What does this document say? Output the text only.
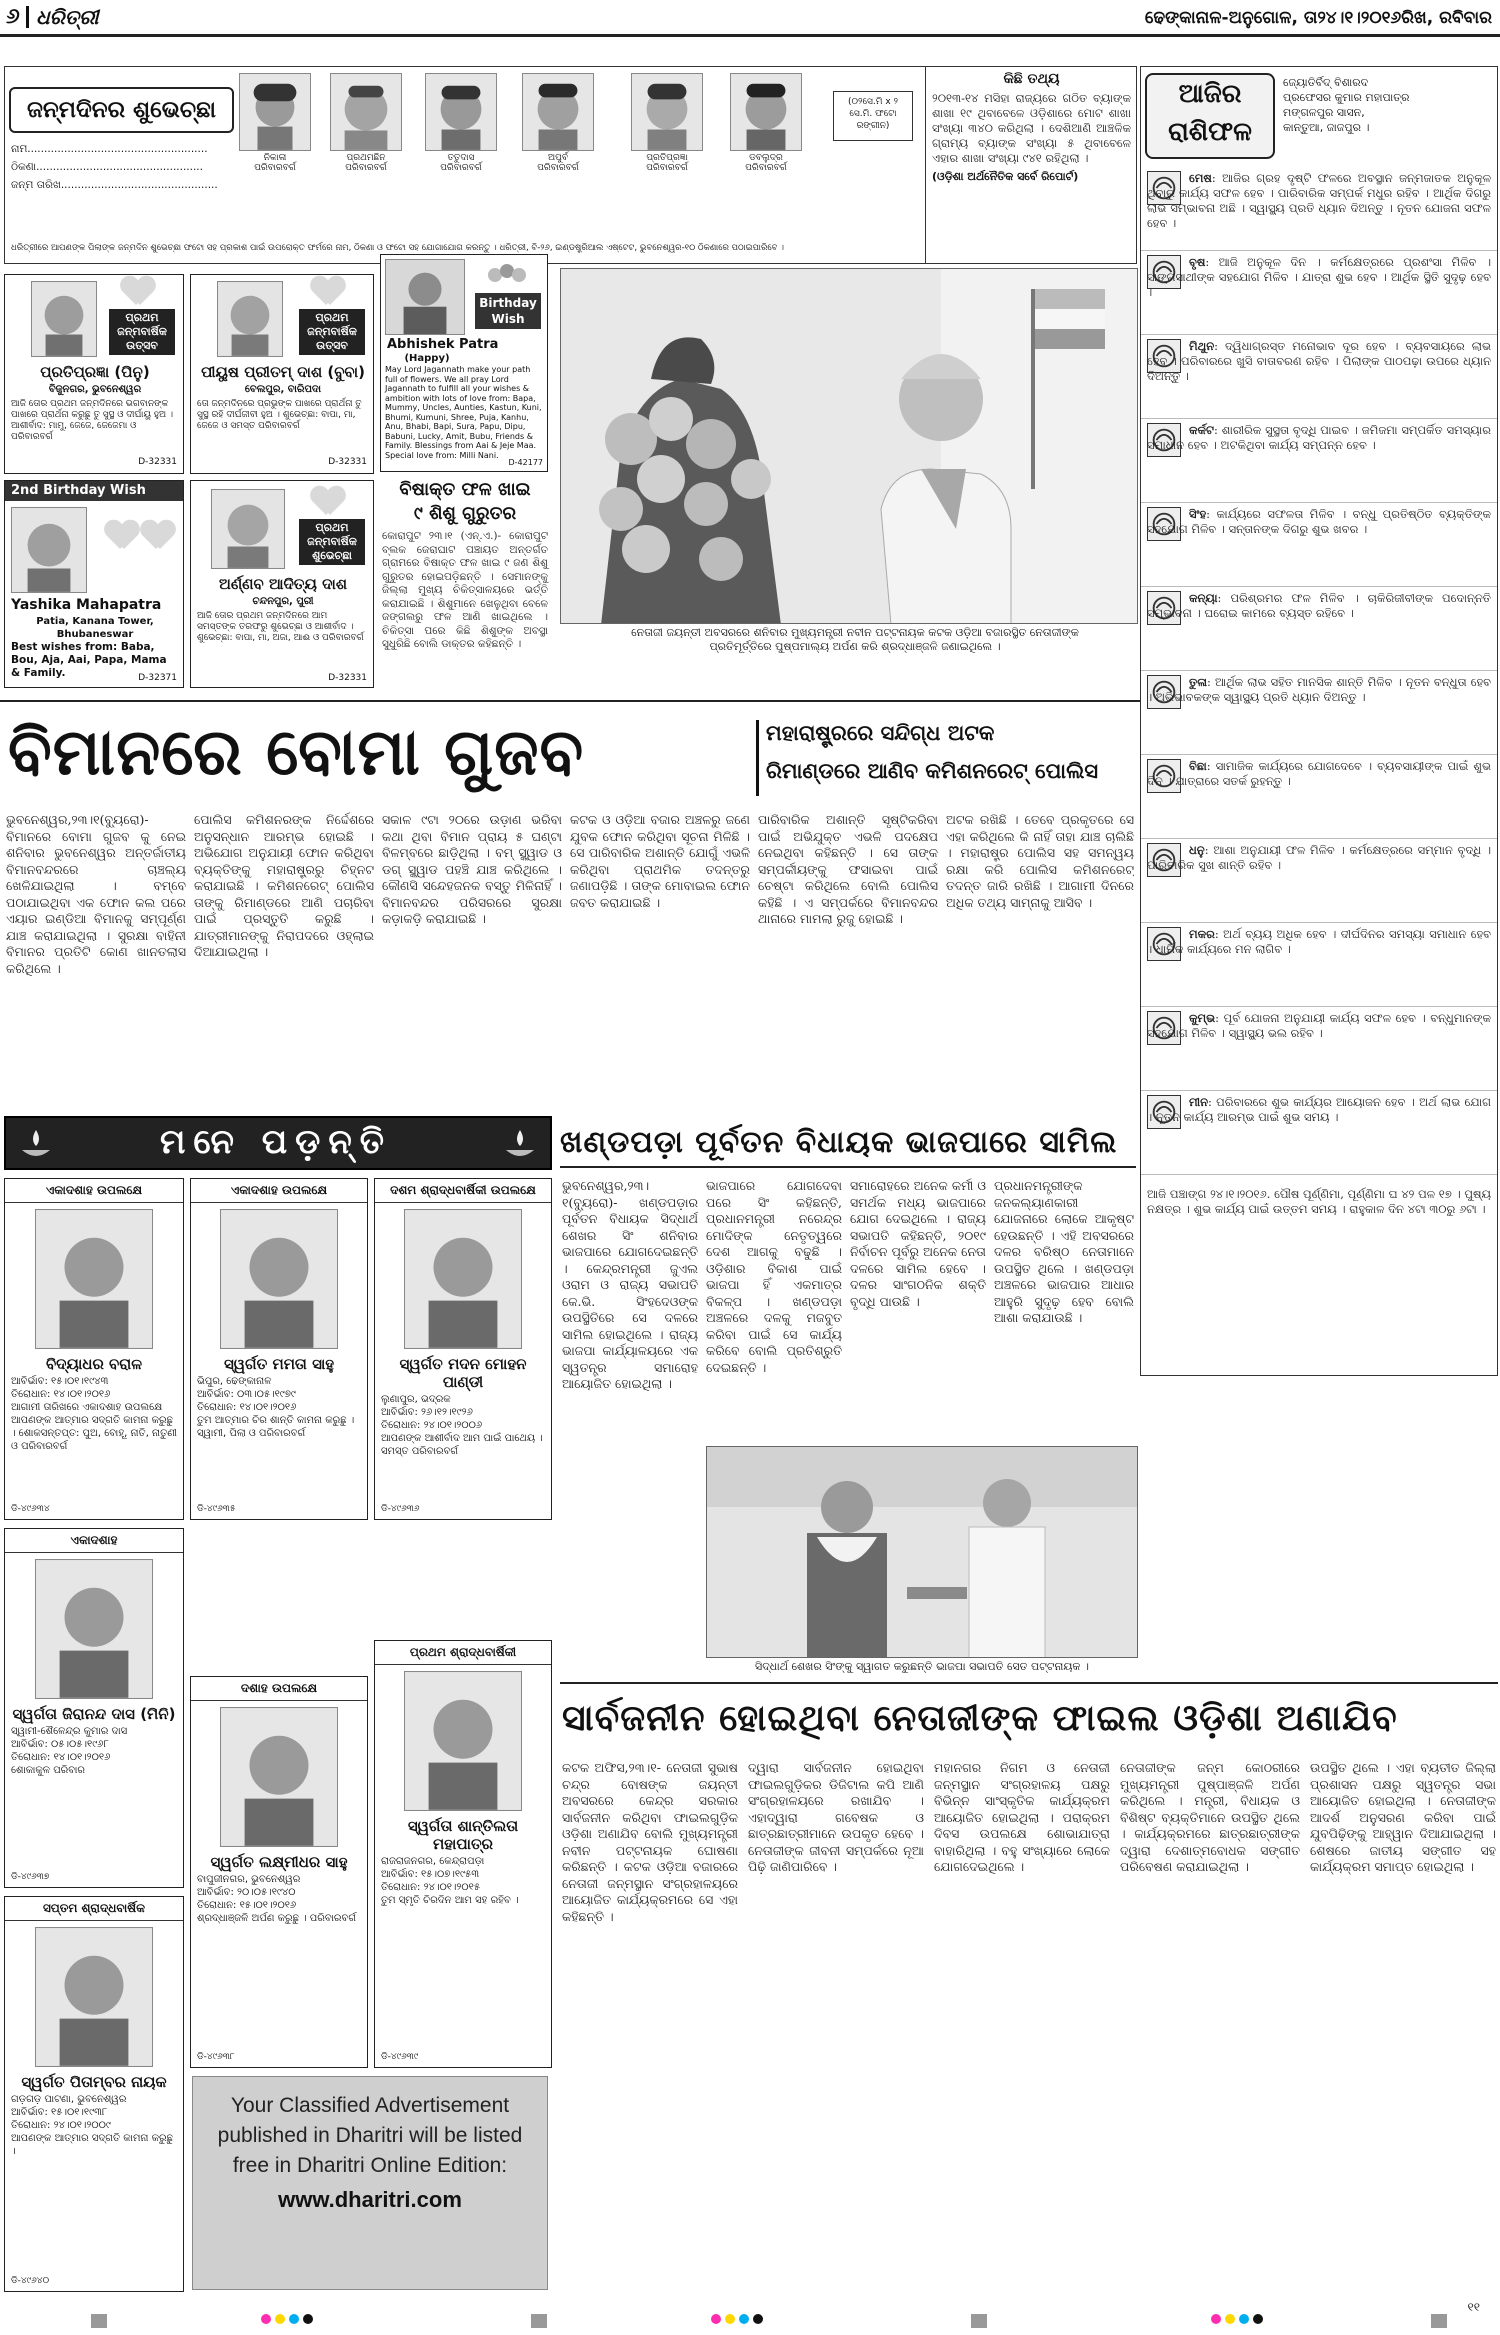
୬ ଧରିତ୍ରୀ	ଢେଙ୍କାନାଳ-ଅନୁଗୋଳ, ତା୨୪।୧।୨୦୧୬ରିଖ, ରବିବାର
ଜନ୍ମଦିନର ଶୁଭେଚ୍ଛା
ନାମ......................................................
ଠିକଣା..................................................
ଜନ୍ମ ତାରିଖ...............................................
ନିକାଳା
ପରିବାରବର୍ଗ
ପ୍ରଥମଛିନ
ପରିବାରବର୍ଗ
ତତୁଦାସ
ପରିବାରବର୍ଗ
ଅପୁର୍ବ
ପରିବାରବର୍ଗ
ପ୍ରତିପ୍ରଜ୍ଞା
ପରିବାରବର୍ଗ
ଡବଲୁଦ୍ର
ପରିବାରବର୍ଗ
(୦୨ସେ.ମି x ୨ ସେ.ମି. ଫଟୋ ରଙ୍ଗୀନ)
ଧରିତ୍ରୀରେ ଆପଣଙ୍କ ପିଲାଙ୍କ ଜନ୍ମଦିନ ଶୁଭେଚ୍ଛା ଫଟୋ ସହ ପ୍ରକାଶ ପାଇଁ ଉପରୋକ୍ତ ଫର୍ମରେ ନାମ, ଠିକଣା ଓ ଫଟୋ ସହ ଯୋଗାଯୋଗ କରନ୍ତୁ । ଧରିତ୍ରୀ, ବି-୨୬, ଇଣ୍ଡଷ୍ଟ୍ରିଆଲ ଏଷ୍ଟେଟ, ଭୁବନେଶ୍ୱର-୧୦ ଠିକଣାରେ ପଠାଇପାରିବେ ।
କିଛି ତଥ୍ୟ
୨୦୧୩-୧୪ ମସିହା ରାଜ୍ୟରେ ଗଠିତ ବ୍ୟାଙ୍କ ଶାଖା ୧୯ ଥିବାବେଳେ ଓଡ଼ିଶାରେ ମୋଟ ଶାଖା ସଂଖ୍ୟା ୩୪୦ କରିଥିଲା । ଦେଶିଆଣି ଆଞ୍ଚଳିକ ଗ୍ରାମ୍ୟ ବ୍ୟାଙ୍କ ସଂଖ୍ୟା ୫ ଥିବାବେଳେ ଏହାର ଶାଖା ସଂଖ୍ୟା ୯୪୧ ରହିଥିଲା ।
(ଓଡ଼ିଶା ଅର୍ଥନୈତିକ ସର୍ବେ ରିପୋର୍ଟ)
ଆଜିର
ରାଶିଫଳ
ଜ୍ୟୋତିର୍ବିଦ୍ ବିଶାରଦ
ପ୍ରଫେସର କୁମାର ମହାପାତ୍ର
ମଙ୍ଗଳପୁର ସାସନ,
କାନ୍ତୁଆ, ଜାଜପୁର ।
ମେଷ: ଆଜିର ଗ୍ରହ ଦୃଷ୍ଟି ଫଳରେ ଅବସ୍ଥାନ ଜନ୍ମଜାତକ ଅନୁକୂଳ ଥିବାରୁ କାର୍ଯ୍ୟ ସଫଳ ହେବ । ପାରିବାରିକ ସମ୍ପର୍କ ମଧୁର ରହିବ । ଆର୍ଥିକ ଦିଗରୁ ଲାଭ ସମ୍ଭାବନା ଅଛି । ସ୍ୱାସ୍ଥ୍ୟ ପ୍ରତି ଧ୍ୟାନ ଦିଅନ୍ତୁ । ନୂତନ ଯୋଜନା ସଫଳ ହେବ ।
ବୃଷ: ଆଜି ଅନୁକୂଳ ଦିନ । କର୍ମକ୍ଷେତ୍ରରେ ପ୍ରଶଂସା ମିଳିବ । ସାଙ୍ଗସାଥୀଙ୍କ ସହଯୋଗ ମିଳିବ । ଯାତ୍ରା ଶୁଭ ହେବ । ଆର୍ଥିକ ସ୍ଥିତି ସୁଦୃଢ଼ ହେବ ।
ମିଥୁନ: ଦ୍ୱିଧାଗ୍ରସ୍ତ ମନୋଭାବ ଦୂର ହେବ । ବ୍ୟବସାୟରେ ଲାଭ ହେବ । ପରିବାରରେ ଖୁସି ବାତାବରଣ ରହିବ । ପିଲାଙ୍କ ପାଠପଢ଼ା ଉପରେ ଧ୍ୟାନ ଦିଅନ୍ତୁ ।
କର୍କଟ: ଶାରୀରିକ ସୁସ୍ଥତା ବୃଦ୍ଧି ପାଇବ । ଜମିଜମା ସମ୍ପର୍କିତ ସମସ୍ୟାର ସମାଧାନ ହେବ । ଅଟକିଥିବା କାର୍ଯ୍ୟ ସମ୍ପନ୍ନ ହେବ ।
ସିଂହ: କାର୍ଯ୍ୟରେ ସଫଳତା ମିଳିବ । ବନ୍ଧୁ ପ୍ରତିଷ୍ଠିତ ବ୍ୟକ୍ତିଙ୍କ ସହଯୋଗ ମିଳିବ । ସନ୍ତାନଙ୍କ ଦିଗରୁ ଶୁଭ ଖବର ।
କନ୍ୟା: ପରିଶ୍ରମର ଫଳ ମିଳିବ । ଚାକିରିଜୀବୀଙ୍କ ପଦୋନ୍ନତି ସମ୍ଭାବନା । ଘରୋଇ କାମରେ ବ୍ୟସ୍ତ ରହିବେ ।
ତୁଳା: ଆର୍ଥିକ ଲାଭ ସହିତ ମାନସିକ ଶାନ୍ତି ମିଳିବ । ନୂତନ ବନ୍ଧୁତା ହେବ । ଅଭିଭାବକଙ୍କ ସ୍ୱାସ୍ଥ୍ୟ ପ୍ରତି ଧ୍ୟାନ ଦିଅନ୍ତୁ ।
ବିଛା: ସାମାଜିକ କାର୍ଯ୍ୟରେ ଯୋଗଦେବେ । ବ୍ୟବସାୟୀଙ୍କ ପାଇଁ ଶୁଭ ଦିନ । ଯାତ୍ରାରେ ସତର୍କ ରୁହନ୍ତୁ ।
ଧନୁ: ଆଶା ଅନୁଯାୟୀ ଫଳ ମିଳିବ । କର୍ମକ୍ଷେତ୍ରରେ ସମ୍ମାନ ବୃଦ୍ଧି । ପାରିବାରିକ ସୁଖ ଶାନ୍ତି ରହିବ ।
ମକର: ଅର୍ଥ ବ୍ୟୟ ଅଧିକ ହେବ । ଦୀର୍ଘଦିନର ସମସ୍ୟା ସମାଧାନ ହେବ । ଧାର୍ମିକ କାର୍ଯ୍ୟରେ ମନ ଲାଗିବ ।
କୁମ୍ଭ: ପୂର୍ବ ଯୋଜନା ଅନୁଯାୟୀ କାର୍ଯ୍ୟ ସଫଳ ହେବ । ବନ୍ଧୁମାନଙ୍କ ସହଯୋଗ ମିଳିବ । ସ୍ୱାସ୍ଥ୍ୟ ଭଲ ରହିବ ।
ମୀନ: ପରିବାରରେ ଶୁଭ କାର୍ଯ୍ୟର ଆୟୋଜନ ହେବ । ଅର୍ଥ ଲାଭ ଯୋଗ । ନୂତନ କାର୍ଯ୍ୟ ଆରମ୍ଭ ପାଇଁ ଶୁଭ ସମୟ ।
ଆଜି ପଞ୍ଚାଙ୍ଗ ୨୪।୧।୨୦୧୬. ପୌଷ ପୂର୍ଣ୍ଣିମା, ପୂର୍ଣ୍ଣିମା ଘ ୪୨ ପଳ ୧୭ । ପୁଷ୍ୟ ନକ୍ଷତ୍ର । ଶୁଭ କାର୍ଯ୍ୟ ପାଇଁ ଉତ୍ତମ ସମୟ । ରାହୁକାଳ ଦିନ ୪ଟା ୩୦ରୁ ୬ଟା ।
ପ୍ରଥମ
ଜନ୍ମବାର୍ଷିକ
ଉତ୍ସବ
ପ୍ରତିପ୍ରଜ୍ଞା (ପିନୁ)
ବିଜୁନଗର, ଭୁବନେଶ୍ୱର
ଆଜି ତୋର ପ୍ରଥମ ଜନ୍ମଦିନରେ ଭଗବାନଙ୍କ ପାଖରେ ପ୍ରାର୍ଥନା କରୁଛୁ ତୁ ସୁସ୍ଥ ଓ ଦୀର୍ଘାୟୁ ହୁଅ । ଆଶୀର୍ବାଦ: ମାମୁ, ଜେଜେ, ଜେଜେମା ଓ ପରିବାରବର୍ଗ
D-32331
ପ୍ରଥମ
ଜନ୍ମବାର୍ଷିକ
ଉତ୍ସବ
ପୀୟୁଷ ପ୍ରୀତମ୍ ଦାଶ (ବୁବା)
ବେଲପୁର, ବାରିପଦା
ତୋ ଜନ୍ମଦିନରେ ପ୍ରଭୁଙ୍କ ପାଖରେ ପ୍ରାର୍ଥନା ତୁ ସୁସ୍ଥ ରହି ଦୀର୍ଘଜୀବୀ ହୁଅ । ଶୁଭେଚ୍ଛା: ବାପା, ମା, ଜେଜେ ଓ ସମସ୍ତ ପରିବାରବର୍ଗ
D-32331
Birthday
Wish
Abhishek Patra
(Happy)
May Lord Jagannath make your path full of flowers. We all pray Lord Jagannath to fulfill all your wishes & ambition with lots of love from: Bapa, Mummy, Uncles, Aunties, Kastun, Kuni, Bhumi, Kumuni, Shree, Puja, Kanhu, Anu, Bhabi, Bapi, Sura, Papu, Dipu, Babuni, Lucky, Amit, Bubu, Friends & Family. Blessings from Aai & Jeje Maa. Special love from: Milli Nani.
D-42177
2nd Birthday Wish
Yashika Mahapatra
Patia, Kanana Tower, Bhubaneswar
Best wishes from: Baba, Bou, Aja, Aai, Papa, Mama & Family.	D-32371
ପ୍ରଥମ
ଜନ୍ମବାର୍ଷିକ
ଶୁଭେଚ୍ଛା
ଅର୍ଣ୍ଣବ ଆଦିତ୍ୟ ଦାଶ
ଚନ୍ଦନପୁର, ପୁରୀ
ଆଜି ତୋର ପ୍ରଥମ ଜନ୍ମଦିନରେ ଆମ ସମସ୍ତଙ୍କ ତରଫରୁ ଶୁଭେଚ୍ଛା ଓ ଆଶୀର୍ବାଦ । ଶୁଭେଚ୍ଛା: ବାପା, ମା, ଅଜା, ଆଈ ଓ ପରିବାରବର୍ଗ
D-32331
ବିଷାକ୍ତ ଫଳ ଖାଇ
୯ ଶିଶୁ ଗୁରୁତର
କୋରାପୁଟ ୨୩।୧ (ଏନ୍.ଏ.)- କୋରାପୁଟ ବ୍ଲକ ଜେରାଘାଟ ପଞ୍ଚାୟତ ଅନ୍ତର୍ଗତ ଗ୍ରାମରେ ବିଷାକ୍ତ ଫଳ ଖାଇ ୯ ଜଣ ଶିଶୁ ଗୁରୁତର ହୋଇପଡ଼ିଛନ୍ତି । ସେମାନଙ୍କୁ ଜିଲ୍ଲା ମୁଖ୍ୟ ଚିକିତ୍ସାଳୟରେ ଭର୍ତ୍ତି କରାଯାଇଛି । ଶିଶୁମାନେ ଖେଳୁଥିବା ବେଳେ ଜଙ୍ଗଲରୁ ଫଳ ଆଣି ଖାଇଥିଲେ । ଚିକିତ୍ସା ପରେ କିଛି ଶିଶୁଙ୍କ ଅବସ୍ଥା ସୁଧୁରିଛି ବୋଲି ଡାକ୍ତର କହିଛନ୍ତି ।
ନେତାଜୀ ଜୟନ୍ତୀ ଅବସରରେ ଶନିବାର ମୁଖ୍ୟମନ୍ତ୍ରୀ ନବୀନ ପଟ୍ଟନାୟକ କଟକ ଓଡ଼ିଆ ବଜାରସ୍ଥିତ ନେତାଜୀଙ୍କ ପ୍ରତିମୂର୍ତ୍ତିରେ ପୁଷ୍ପମାଲ୍ୟ ଅର୍ପଣ କରି ଶ୍ରଦ୍ଧାଞ୍ଜଳି ଜଣାଇଥିଲେ ।
ବିମାନରେ ବୋମା ଗୁଜବ	ମହାରାଷ୍ଟ୍ରରେ ସନ୍ଦିଗ୍ଧ ଅଟକ
ରିମାଣ୍ଡରେ ଆଣିବ କମିଶନରେଟ୍ ପୋଲିସ
ଭୁବନେଶ୍ୱର,୨୩।୧(ବ୍ୟୁରୋ)- ବିମାନରେ ବୋମା ଗୁଜବ କୁ ନେଇ ଶନିବାର ଭୁବନେଶ୍ୱର ଅନ୍ତର୍ଜାତୀୟ ବିମାନବନ୍ଦରରେ ଚାଞ୍ଚଲ୍ୟ ଖେଳିଯାଇଥିଲା । ବମ୍ବେ ପଠାଯାଇଥିବା ଏକ ଫୋନ କଲ ପରେ ଏୟାର ଇଣ୍ଡିଆ ବିମାନକୁ ସମ୍ପୂର୍ଣ୍ଣ ଯାଞ୍ଚ କରାଯାଇଥିଲା । ସୁରକ୍ଷା ବାହିନୀ ବିମାନର ପ୍ରତିଟି କୋଣ ଖାନତଲାସ କରିଥିଲେ ।
ପୋଲିସ କମିଶନରଙ୍କ ନିର୍ଦ୍ଦେଶରେ ଅନୁସନ୍ଧାନ ଆରମ୍ଭ ହୋଇଛି । ଅଭିଯୋଗ ଅନୁଯାୟୀ ଫୋନ କରିଥିବା ବ୍ୟକ୍ତିଙ୍କୁ ମହାରାଷ୍ଟ୍ରରୁ ଚିହ୍ନଟ କରାଯାଇଛି । କମିଶନରେଟ୍ ପୋଲିସ ତାଙ୍କୁ ରିମାଣ୍ଡରେ ଆଣି ପଚାରିବା ପାଇଁ ପ୍ରସ୍ତୁତି କରୁଛି । ଯାତ୍ରୀମାନଙ୍କୁ ନିରାପଦରେ ଓହ୍ଲାଇ ଦିଆଯାଇଥିଲା ।
ସକାଳ ୯ଟା ୨୦ରେ ଉଡ଼ାଣ ଭରିବା କଥା ଥିବା ବିମାନ ପ୍ରାୟ ୫ ଘଣ୍ଟା ବିଳମ୍ବରେ ଛାଡ଼ିଥିଲା । ବମ୍ ସ୍କ୍ୱାଡ ଓ ଡଗ୍ ସ୍କ୍ୱାଡ ପହଞ୍ଚି ଯାଞ୍ଚ କରିଥିଲେ । କୌଣସି ସନ୍ଦେହଜନକ ବସ୍ତୁ ମିଳିନାହିଁ । ବିମାନବନ୍ଦର ପରିସରରେ ସୁରକ୍ଷା କଡ଼ାକଡ଼ି କରାଯାଇଛି ।
କଟକ ଓ ଓଡ଼ିଆ ବଜାର ଅଞ୍ଚଳରୁ ଜଣେ ଯୁବକ ଫୋନ କରିଥିବା ସୂଚନା ମିଳିଛି । ସେ ପାରିବାରିକ ଅଶାନ୍ତି ଯୋଗୁଁ ଏଭଳି କରିଥିବା ପ୍ରାଥମିକ ତଦନ୍ତରୁ ଜଣାପଡ଼ିଛି । ତାଙ୍କ ମୋବାଇଲ ଫୋନ ଜବତ କରାଯାଇଛି ।
ପାରିବାରିକ ଅଶାନ୍ତି ସୃଷ୍ଟିକରିବା ପାଇଁ ଅଭିଯୁକ୍ତ ଏଭଳି ପଦକ୍ଷେପ ନେଇଥିବା କହିଛନ୍ତି । ସେ ତାଙ୍କ ସମ୍ପର୍କୀୟଙ୍କୁ ଫସାଇବା ପାଇଁ ଚେଷ୍ଟା କରିଥିଲେ ବୋଲି ପୋଲିସ କହିଛି । ଏ ସମ୍ପର୍କରେ ବିମାନବନ୍ଦର ଥାନାରେ ମାମଲା ରୁଜୁ ହୋଇଛି ।
ଅଟକ ରଖିଛି । ତେବେ ପ୍ରକୃତରେ ସେ ଏହା କରିଥିଲେ କି ନାହିଁ ତାହା ଯାଞ୍ଚ ଚାଲିଛି । ମହାରାଷ୍ଟ୍ର ପୋଲିସ ସହ ସମନ୍ୱୟ ରକ୍ଷା କରି ପୋଲିସ କମିଶନରେଟ୍ ତଦନ୍ତ ଜାରି ରଖିଛି । ଆଗାମୀ ଦିନରେ ଅଧିକ ତଥ୍ୟ ସାମ୍ନାକୁ ଆସିବ ।
ମନେ ପଡ଼ନ୍ତି
ଏକାଦଶାହ ଉପଲକ୍ଷେ
ବିଦ୍ୟାଧର ବରାଳ
ଆବିର୍ଭାବ: ୧୫।୦୧।୧୯୪୩
ତିରୋଧାନ: ୧୪।୦୧।୨୦୧୬
ଆଗାମୀ ତାରିଖରେ ଏକାଦଶାହ ଉପଲକ୍ଷେ ଆପଣଙ୍କ ଆତ୍ମାର ସଦ୍ଗତି କାମନା କରୁଛୁ । ଶୋକସନ୍ତପ୍ତ: ପୁଅ, ବୋହୂ, ନାତି, ନାତୁଣୀ ଓ ପରିବାରବର୍ଗ
ଡି-୪୯୬୩୪
ଏକାଦଶାହ ଉପଲକ୍ଷେ
ସ୍ୱର୍ଗତ ମମତା ସାହୁ
ଭିପୁର, ଢେଙ୍କାନାଳ
ଆବିର୍ଭାବ: ୦୩।୦୫।୧୯୭୯
ତିରୋଧାନ: ୧୪।୦୧।୨୦୧୬
ତୁମ ଆତ୍ମାର ଚିର ଶାନ୍ତି କାମନା କରୁଛୁ । ସ୍ୱାମୀ, ପିଲା ଓ ପରିବାରବର୍ଗ
ଡି-୪୯୬୩୫
ଦଶମ ଶ୍ରାଦ୍ଧବାର୍ଷିକୀ ଉପଲକ୍ଷେ
ସ୍ୱର୍ଗତ ମଦନ ମୋହନ ପାଣ୍ଡୀ
ଲୁଣାପୁର, ଭଦ୍ରକ
ଆବିର୍ଭାବ: ୨୬।୧୨।୧୯୨୬
ତିରୋଧାନ: ୨୪।୦୧।୨୦୦୬
ଆପଣଙ୍କ ଆଶୀର୍ବାଦ ଆମ ପାଇଁ ପାଥେୟ । ସମସ୍ତ ପରିବାରବର୍ଗ
ଡି-୪୯୬୩୬
ଏକାଦଶାହ
ସ୍ୱର୍ଗତା ଜିରାନନ୍ଦ ଦାସ (ମିନି)
ସ୍ୱାମୀ-ଶୈଳେନ୍ଦ୍ର କୁମାର ଦାସ
ଆବିର୍ଭାବ: ୦୫।୦୫।୧୯୬୮
ତିରୋଧାନ: ୧୪।୦୧।୨୦୧୬
ଶୋକାକୁଳ ପରିବାର
ଡି-୪୯୬୩୭
ଦଶାହ ଉପଲକ୍ଷେ
ସ୍ୱର୍ଗତ ଲକ୍ଷ୍ମୀଧର ସାହୁ
ବାପୁଜୀନଗର, ଭୁବନେଶ୍ୱର
ଆବିର୍ଭାବ: ୨୦।୦୫।୧୯୪୦
ତିରୋଧାନ: ୧୫।୦୧।୨୦୧୬
ଶ୍ରଦ୍ଧାଞ୍ଜଳି ଅର୍ପଣ କରୁଛୁ । ପରିବାରବର୍ଗ
ଡି-୪୯୬୩୮
ପ୍ରଥମ ଶ୍ରାଦ୍ଧବାର୍ଷିକୀ
ସ୍ୱର୍ଗତା ଶାନ୍ତିଲତା ମହାପାତ୍ର
ରାଜରାଜନଗର, କେନ୍ଦ୍ରାପଡ଼ା
ଆବିର୍ଭାବ: ୧୫।୦୭।୧୯୫୩
ତିରୋଧାନ: ୨୪।୦୧।୨୦୧୫
ତୁମ ସ୍ମୃତି ଚିରଦିନ ଆମ ସହ ରହିବ ।
ଡି-୪୯୬୩୯
ସପ୍ତମ ଶ୍ରାଦ୍ଧବାର୍ଷିକ
ସ୍ୱର୍ଗତ ପିତାମ୍ବର ନାୟକ
ଗଡ଼ଗଡ଼ ପାଟଣା, ଭୁବନେଶ୍ୱର
ଆବିର୍ଭାବ: ୧୫।୦୧।୧୯୩୮
ତିରୋଧାନ: ୨୪।୦୧।୨୦୦୯
ଆପଣଙ୍କ ଆତ୍ମାର ସଦ୍ଗତି କାମନା କରୁଛୁ ।
ଡି-୪୯୬୪୦
Your Classified Advertisement published in Dharitri will be listed free in Dharitri Online Edition:
www.dharitri.com
ଖଣ୍ଡପଡ଼ା ପୂର୍ବତନ ବିଧାୟକ ଭାଜପାରେ ସାମିଲ
ଭୁବନେଶ୍ୱର,୨୩।୧(ବ୍ୟୁରୋ)- ଖଣ୍ଡପଡ଼ାର ପୂର୍ବତନ ବିଧାୟକ ସିଦ୍ଧାର୍ଥ ଶେଖର ସିଂ ଶନିବାର ଭାଜପାରେ ଯୋଗଦେଇଛନ୍ତି । କେନ୍ଦ୍ରମନ୍ତ୍ରୀ ଜୁଏଲ ଓରାମ ଓ ରାଜ୍ୟ ସଭାପତି କେ.ଭି. ସିଂହଦେଓଙ୍କ ଉପସ୍ଥିତିରେ ସେ ଦଳରେ ସାମିଲ ହୋଇଥିଲେ । ରାଜ୍ୟ ଭାଜପା କାର୍ଯ୍ୟାଳୟରେ ଏକ ସ୍ୱତନ୍ତ୍ର ସମାରୋହ ଆୟୋଜିତ ହୋଇଥିଲା ।
ଭାଜପାରେ ଯୋଗଦେବା ପରେ ସିଂ କହିଛନ୍ତି, ପ୍ରଧାନମନ୍ତ୍ରୀ ନରେନ୍ଦ୍ର ମୋଦିଙ୍କ ନେତୃତ୍ୱରେ ଦେଶ ଆଗକୁ ବଢୁଛି । ଓଡ଼ିଶାର ବିକାଶ ପାଇଁ ଭାଜପା ହିଁ ଏକମାତ୍ର ବିକଳ୍ପ । ଖଣ୍ଡପଡ଼ା ଅଞ୍ଚଳରେ ଦଳକୁ ମଜବୁତ କରିବା ପାଇଁ ସେ କାର୍ଯ୍ୟ କରିବେ ବୋଲି ପ୍ରତିଶ୍ରୁତି ଦେଇଛନ୍ତି ।
ସମାରୋହରେ ଅନେକ କର୍ମୀ ଓ ସମର୍ଥକ ମଧ୍ୟ ଭାଜପାରେ ଯୋଗ ଦେଇଥିଲେ । ରାଜ୍ୟ ସଭାପତି କହିଛନ୍ତି, ୨୦୧୯ ନିର୍ବାଚନ ପୂର୍ବରୁ ଅନେକ ନେତା ଦଳରେ ସାମିଲ ହେବେ । ଦଳର ସାଂଗଠନିକ ଶକ୍ତି ବୃଦ୍ଧି ପାଉଛି ।
ପ୍ରଧାନମନ୍ତ୍ରୀଙ୍କ ଜନକଲ୍ୟାଣକାରୀ ଯୋଜନାରେ ଲୋକେ ଆକୃଷ୍ଟ ହେଉଛନ୍ତି । ଏହି ଅବସରରେ ଦଳର ବରିଷ୍ଠ ନେତାମାନେ ଉପସ୍ଥିତ ଥିଲେ । ଖଣ୍ଡପଡ଼ା ଅଞ୍ଚଳରେ ଭାଜପାର ଆଧାର ଆହୁରି ସୁଦୃଢ଼ ହେବ ବୋଲି ଆଶା କରାଯାଉଛି ।
ସିଦ୍ଧାର୍ଥ ଶେଖର ସିଂଙ୍କୁ ସ୍ୱାଗତ କରୁଛନ୍ତି ଭାଜପା ସଭାପତି ସେତ ପଟ୍ଟନାୟକ ।
ସାର୍ବଜନୀନ ହୋଇଥିବା ନେତାଜୀଙ୍କ ଫାଇଲ ଓଡ଼ିଶା ଅଣାଯିବ
କଟକ ଅଫିସ,୨୩।୧- ନେତାଜୀ ସୁଭାଷ ଚନ୍ଦ୍ର ବୋଷଙ୍କ ଜୟନ୍ତୀ ଅବସରରେ କେନ୍ଦ୍ର ସରକାର ସାର୍ବଜନୀନ କରିଥିବା ଫାଇଲଗୁଡ଼ିକ ଓଡ଼ିଶା ଅଣାଯିବ ବୋଲି ମୁଖ୍ୟମନ୍ତ୍ରୀ ନବୀନ ପଟ୍ଟନାୟକ ଘୋଷଣା କରିଛନ୍ତି । କଟକ ଓଡ଼ିଆ ବଜାରରେ ନେତାଜୀ ଜନ୍ମସ୍ଥାନ ସଂଗ୍ରହାଳୟରେ ଆୟୋଜିତ କାର୍ଯ୍ୟକ୍ରମରେ ସେ ଏହା କହିଛନ୍ତି ।
ଦ୍ୱାରା ସାର୍ବଜନୀନ ହୋଇଥିବା ଫାଇଲଗୁଡ଼ିକର ଡିଜିଟାଲ କପି ଆଣି ସଂଗ୍ରହାଳୟରେ ରଖାଯିବ । ଏହାଦ୍ୱାରା ଗବେଷକ ଓ ଛାତ୍ରଛାତ୍ରୀମାନେ ଉପକୃତ ହେବେ । ନେତାଜୀଙ୍କ ଜୀବନୀ ସମ୍ପର୍କରେ ନୂଆ ପିଢ଼ି ଜାଣିପାରିବେ ।
ମହାନଗର ନିଗମ ଓ ନେତାଜୀ ଜନ୍ମସ୍ଥାନ ସଂଗ୍ରହାଳୟ ପକ୍ଷରୁ ବିଭିନ୍ନ ସାଂସ୍କୃତିକ କାର୍ଯ୍ୟକ୍ରମ ଆୟୋଜିତ ହୋଇଥିଲା । ପରାକ୍ରମ ଦିବସ ଉପଲକ୍ଷେ ଶୋଭାଯାତ୍ରା ବାହାରିଥିଲା । ବହୁ ସଂଖ୍ୟାରେ ଲୋକେ ଯୋଗଦେଇଥିଲେ ।
ନେତାଜୀଙ୍କ ଜନ୍ମ କୋଠରୀରେ ମୁଖ୍ୟମନ୍ତ୍ରୀ ପୁଷ୍ପାଞ୍ଜଳି ଅର୍ପଣ କରିଥିଲେ । ମନ୍ତ୍ରୀ, ବିଧାୟକ ଓ ବିଶିଷ୍ଟ ବ୍ୟକ୍ତିମାନେ ଉପସ୍ଥିତ ଥିଲେ । କାର୍ଯ୍ୟକ୍ରମରେ ଛାତ୍ରଛାତ୍ରୀଙ୍କ ଦ୍ୱାରା ଦେଶାତ୍ମବୋଧକ ସଙ୍ଗୀତ ପରିବେଷଣ କରାଯାଇଥିଲା ।
ଉପସ୍ଥିତ ଥିଲେ । ଏହା ବ୍ୟତୀତ ଜିଲ୍ଲା ପ୍ରଶାସନ ପକ୍ଷରୁ ସ୍ୱତନ୍ତ୍ର ସଭା ଆୟୋଜିତ ହୋଇଥିଲା । ନେତାଜୀଙ୍କ ଆଦର୍ଶ ଅନୁସରଣ କରିବା ପାଇଁ ଯୁବପିଢ଼ିଙ୍କୁ ଆହ୍ୱାନ ଦିଆଯାଇଥିଲା । ଶେଷରେ ଜାତୀୟ ସଙ୍ଗୀତ ସହ କାର୍ଯ୍ୟକ୍ରମ ସମାପ୍ତ ହୋଇଥିଲା ।
୧୧
